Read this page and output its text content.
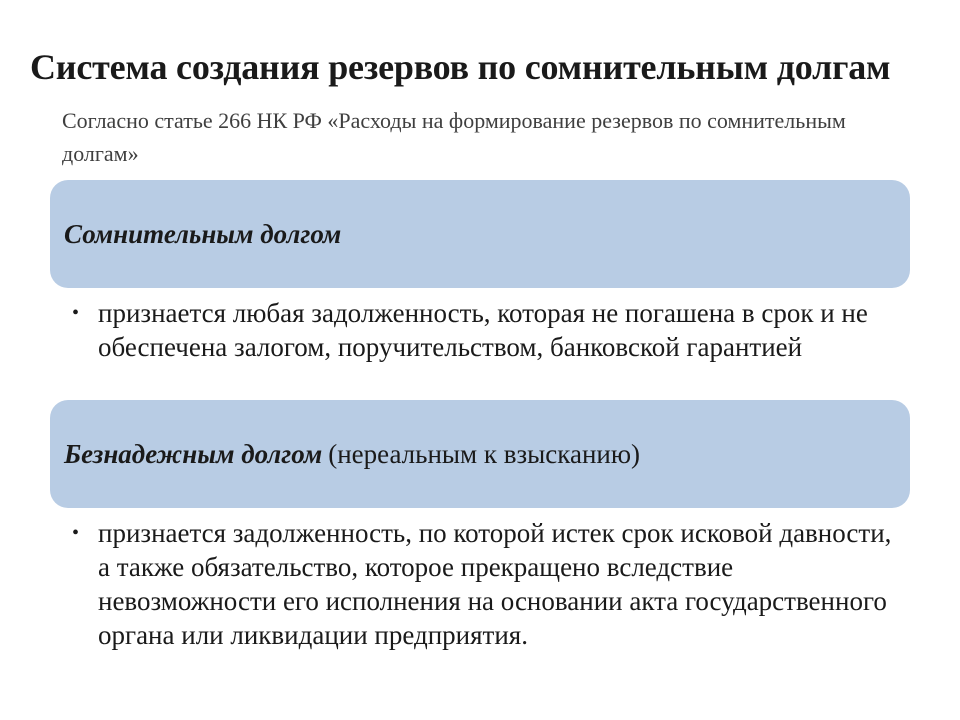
Система создания резервов по сомнительным долгам
Согласно статье 266 НК РФ «Расходы на формирование резервов по сомнительным долгам»
Сомнительным долгом
• признается любая задолженность, которая не погашена в срок и не обеспечена залогом, поручительством, банковской гарантией
Безнадежным долгом (нереальным к взысканию)
• признается задолженность, по которой истек срок исковой давности, а также обязательство, которое прекращено вследствие невозможности его исполнения на основании акта государственного органа или ликвидации предприятия.
